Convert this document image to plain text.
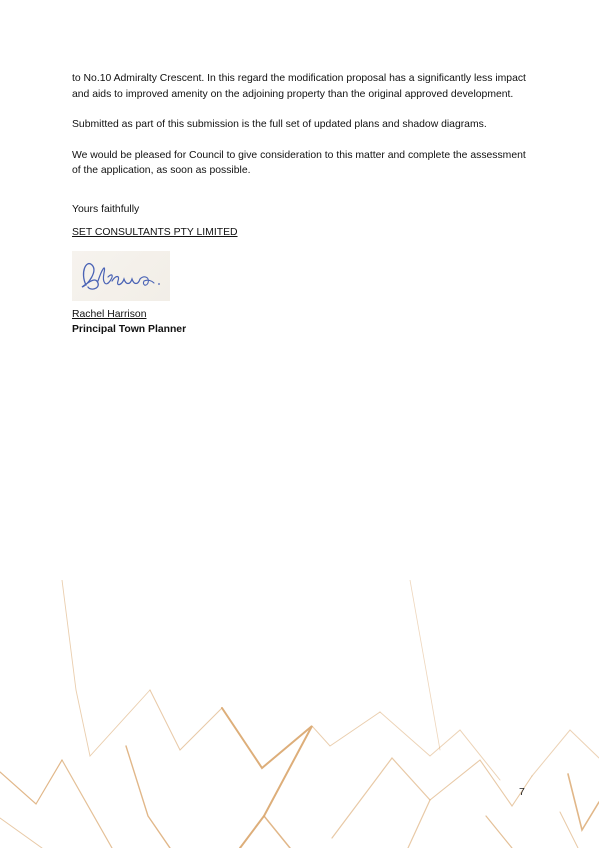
to No.10 Admiralty Crescent. In this regard the modification proposal has a significantly less impact
and aids to improved amenity on the adjoining property than the original approved development.

Submitted as part of this submission is the full set of updated plans and shadow diagrams.

We would be pleased for Council to give consideration to this matter and complete the assessment
of the application, as soon as possible.

Yours faithfully

SET CONSULTANTS PTY LIMITED

Rachel Harrison
Principal Town Planner
7
